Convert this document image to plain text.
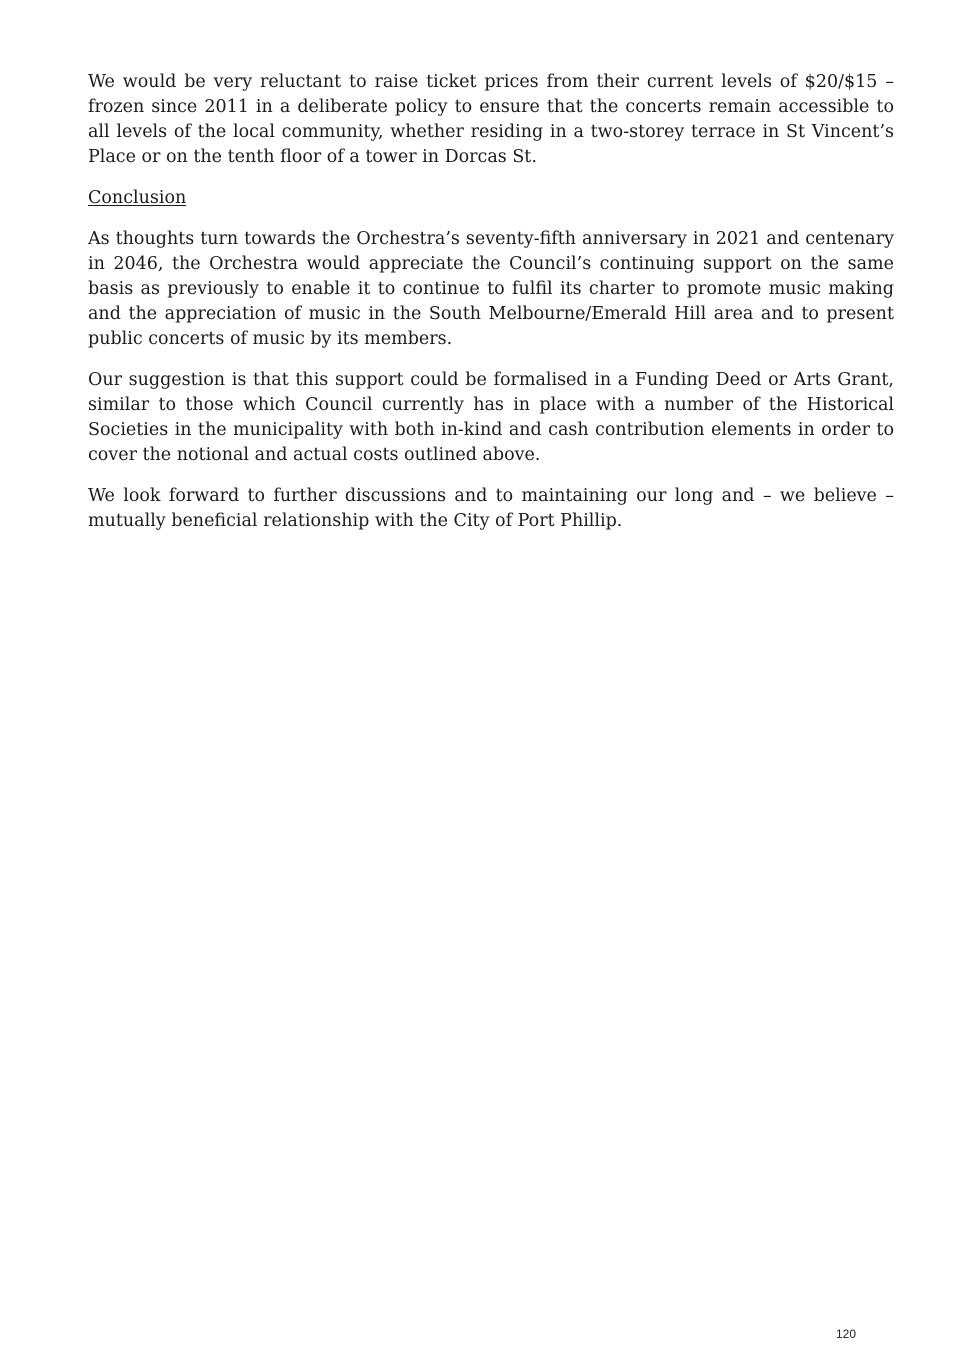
We would be very reluctant to raise ticket prices from their current levels of $20/$15 – frozen since 2011 in a deliberate policy to ensure that the concerts remain accessible to all levels of the local community, whether residing in a two-storey terrace in St Vincent’s Place or on the tenth floor of a tower in Dorcas St.

Conclusion

As thoughts turn towards the Orchestra’s seventy-fifth anniversary in 2021 and centenary in 2046, the Orchestra would appreciate the Council’s continuing support on the same basis as previously to enable it to continue to fulfil its charter to promote music making and the appreciation of music in the South Melbourne/Emerald Hill area and to present public concerts of music by its members.

Our suggestion is that this support could be formalised in a Funding Deed or Arts Grant, similar to those which Council currently has in place with a number of the Historical Societies in the municipality with both in-kind and cash contribution elements in order to cover the notional and actual costs outlined above.

We look forward to further discussions and to maintaining our long and – we believe – mutually beneficial relationship with the City of Port Phillip.

120
